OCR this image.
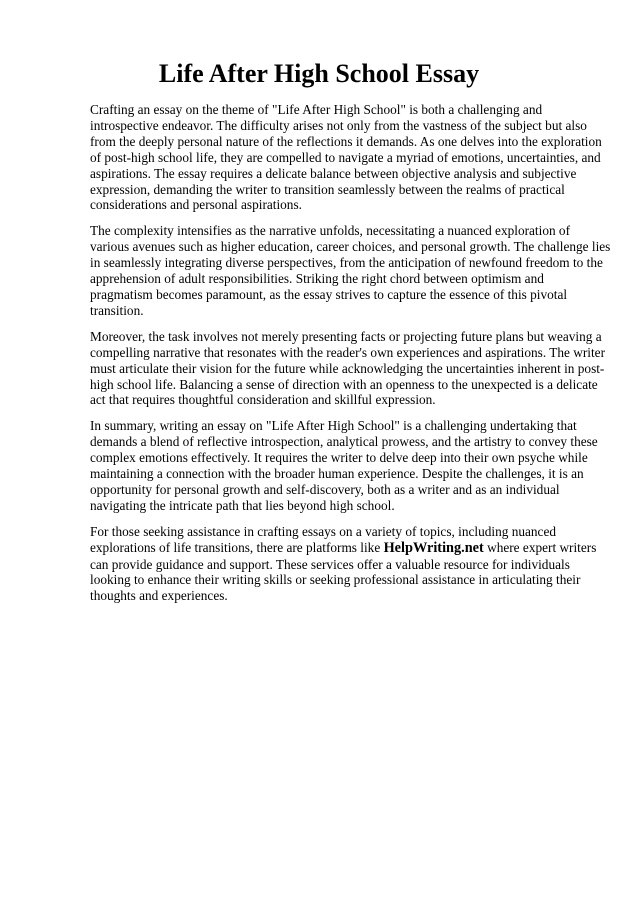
Life After High School Essay

Crafting an essay on the theme of "Life After High School" is both a challenging and
introspective endeavor. The difficulty arises not only from the vastness of the subject but also
from the deeply personal nature of the reflections it demands. As one delves into the exploration
of post-high school life, they are compelled to navigate a myriad of emotions, uncertainties, and
aspirations. The essay requires a delicate balance between objective analysis and subjective
expression, demanding the writer to transition seamlessly between the realms of practical
considerations and personal aspirations.

The complexity intensifies as the narrative unfolds, necessitating a nuanced exploration of
various avenues such as higher education, career choices, and personal growth. The challenge lies
in seamlessly integrating diverse perspectives, from the anticipation of newfound freedom to the
apprehension of adult responsibilities. Striking the right chord between optimism and
pragmatism becomes paramount, as the essay strives to capture the essence of this pivotal
transition.

Moreover, the task involves not merely presenting facts or projecting future plans but weaving a
compelling narrative that resonates with the reader's own experiences and aspirations. The writer
must articulate their vision for the future while acknowledging the uncertainties inherent in post-
high school life. Balancing a sense of direction with an openness to the unexpected is a delicate
act that requires thoughtful consideration and skillful expression.

In summary, writing an essay on "Life After High School" is a challenging undertaking that
demands a blend of reflective introspection, analytical prowess, and the artistry to convey these
complex emotions effectively. It requires the writer to delve deep into their own psyche while
maintaining a connection with the broader human experience. Despite the challenges, it is an
opportunity for personal growth and self-discovery, both as a writer and as an individual
navigating the intricate path that lies beyond high school.

For those seeking assistance in crafting essays on a variety of topics, including nuanced
explorations of life transitions, there are platforms like HelpWriting.net where expert writers
can provide guidance and support. These services offer a valuable resource for individuals
looking to enhance their writing skills or seeking professional assistance in articulating their
thoughts and experiences.
